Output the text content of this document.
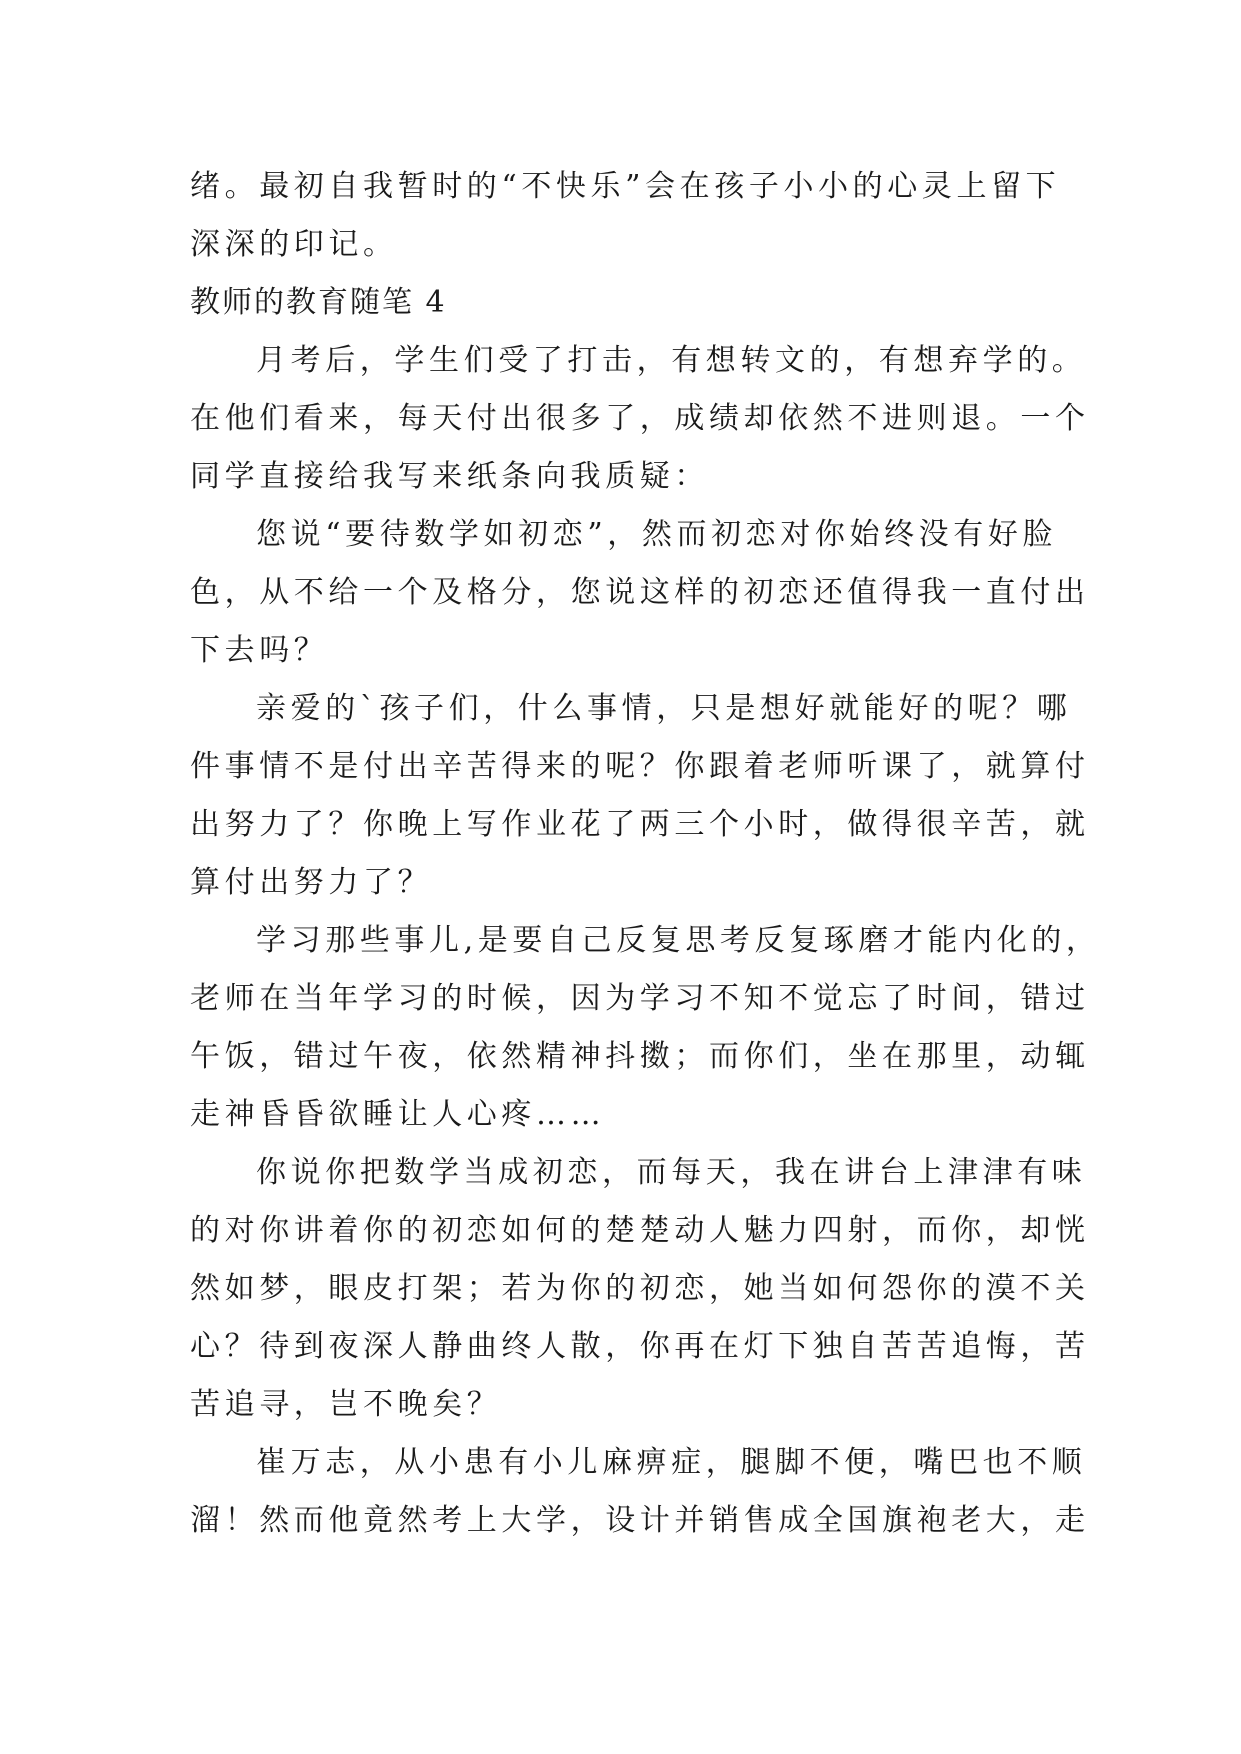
绪。最初自我暂时的“不快乐”会在孩子小小的心灵上留下
深深的印记。
教师的教育随笔 4
月考后，学生们受了打击，有想转文的，有想弃学的。
在他们看来，每天付出很多了，成绩却依然不进则退。一个
同学直接给我写来纸条向我质疑：
您说“要待数学如初恋”，然而初恋对你始终没有好脸
色，从不给一个及格分，您说这样的初恋还值得我一直付出
下去吗？
亲爱的`孩子们，什么事情，只是想好就能好的呢？哪
件事情不是付出辛苦得来的呢？你跟着老师听课了，就算付
出努力了？你晚上写作业花了两三个小时，做得很辛苦，就
算付出努力了？
学习那些事儿,是要自己反复思考反复琢磨才能内化的，
老师在当年学习的时候，因为学习不知不觉忘了时间，错过
午饭，错过午夜，依然精神抖擞；而你们，坐在那里，动辄
走神昏昏欲睡让人心疼……
你说你把数学当成初恋，而每天，我在讲台上津津有味
的对你讲着你的初恋如何的楚楚动人魅力四射，而你，却恍
然如梦，眼皮打架；若为你的初恋，她当如何怨你的漠不关
心？待到夜深人静曲终人散，你再在灯下独自苦苦追悔，苦
苦追寻，岂不晚矣？
崔万志，从小患有小儿麻痹症，腿脚不便，嘴巴也不顺
溜！然而他竟然考上大学，设计并销售成全国旗袍老大，走
